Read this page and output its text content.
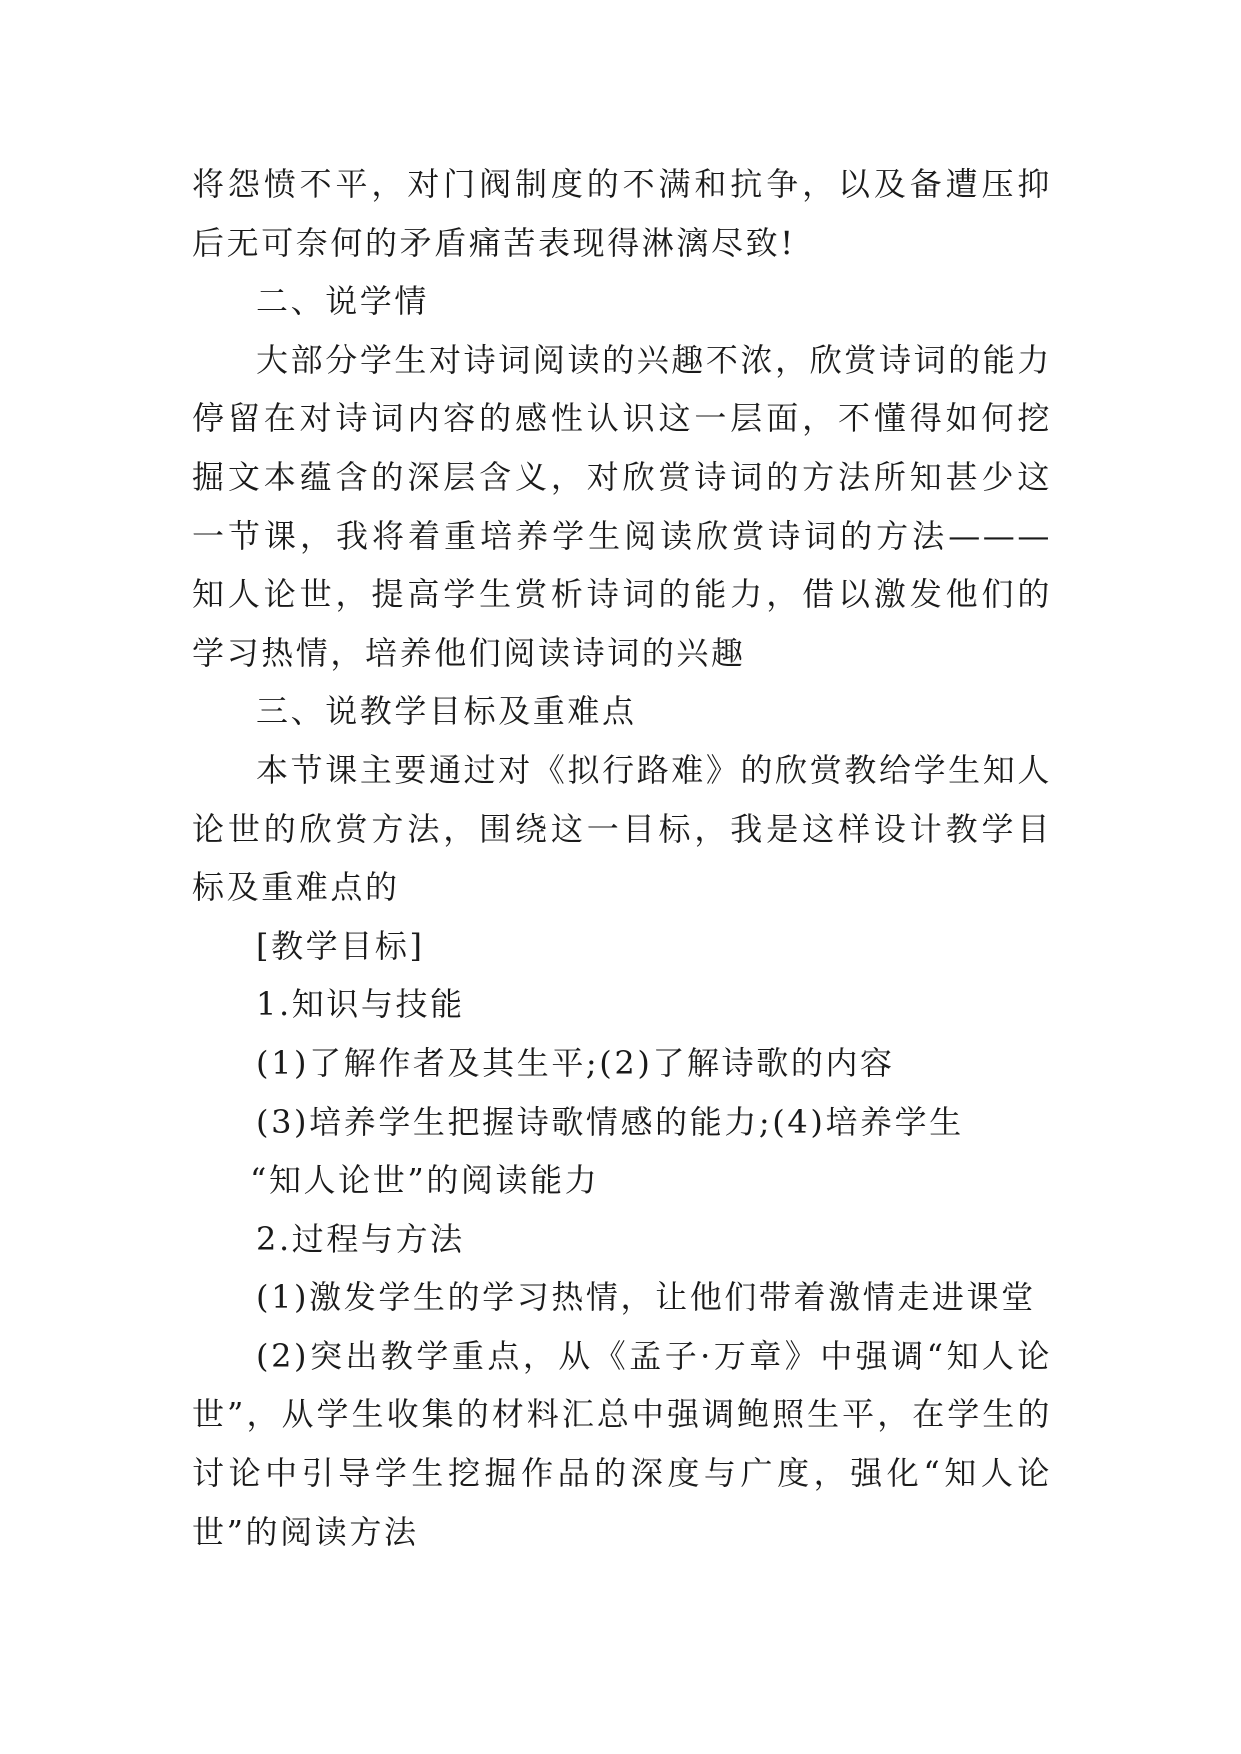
将怨愤不平，对门阀制度的不满和抗争，以及备遭压抑后无可奈何的矛盾痛苦表现得淋漓尽致!

二、说学情

大部分学生对诗词阅读的兴趣不浓，欣赏诗词的能力停留在对诗词内容的感性认识这一层面，不懂得如何挖掘文本蕴含的深层含义，对欣赏诗词的方法所知甚少这一节课，我将着重培养学生阅读欣赏诗词的方法———知人论世，提高学生赏析诗词的能力，借以激发他们的学习热情，培养他们阅读诗词的兴趣

三、说教学目标及重难点

本节课主要通过对《拟行路难》的欣赏教给学生知人论世的欣赏方法，围绕这一目标，我是这样设计教学目标及重难点的

[教学目标]

1.知识与技能

(1)了解作者及其生平;(2)了解诗歌的内容

(3)培养学生把握诗歌情感的能力;(4)培养学生

“知人论世”的阅读能力

2.过程与方法

(1)激发学生的学习热情，让他们带着激情走进课堂

(2)突出教学重点，从《孟子·万章》中强调“知人论世”，从学生收集的材料汇总中强调鲍照生平，在学生的讨论中引导学生挖掘作品的深度与广度，强化“知人论世”的阅读方法
